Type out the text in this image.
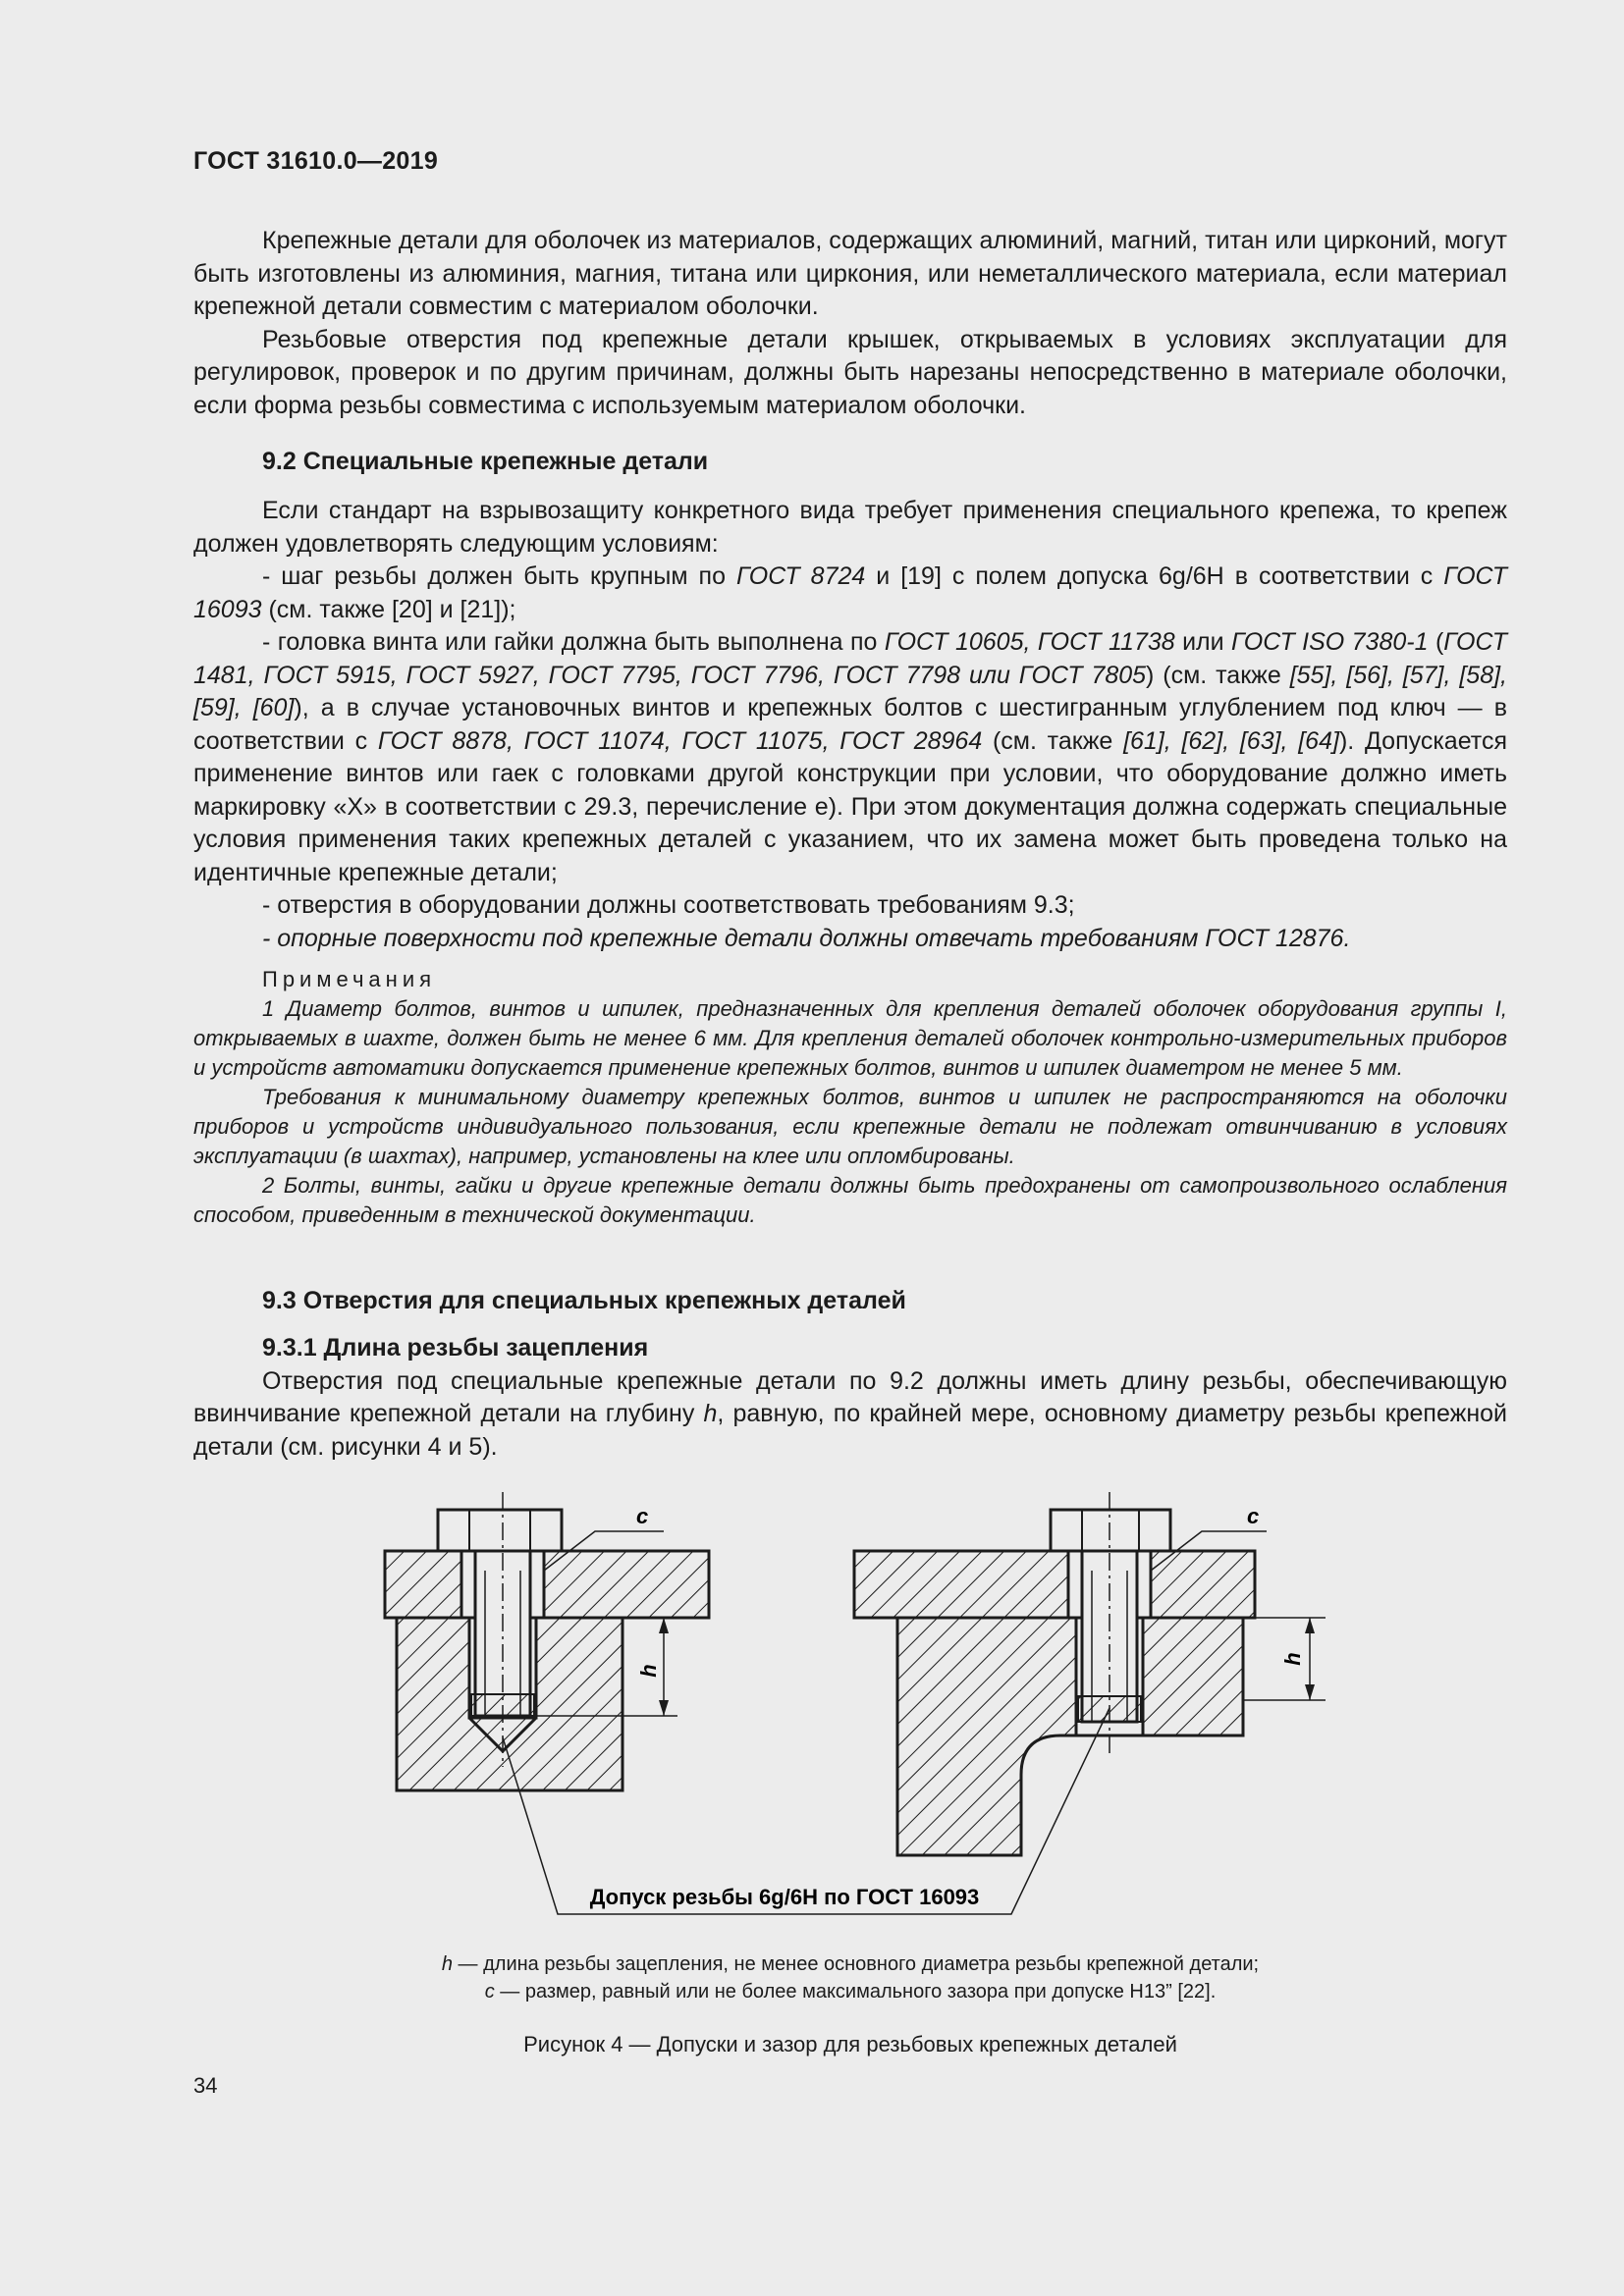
ГОСТ 31610.0—2019

Крепежные детали для оболочек из материалов, содержащих алюминий, магний, титан или цирконий, могут быть изготовлены из алюминия, магния, титана или циркония, или неметаллического материала, если материал крепежной детали совместим с материалом оболочки.

Резьбовые отверстия под крепежные детали крышек, открываемых в условиях эксплуатации для регулировок, проверок и по другим причинам, должны быть нарезаны непосредственно в материале оболочки, если форма резьбы совместима с используемым материалом оболочки.

9.2 Специальные крепежные детали

Если стандарт на взрывозащиту конкретного вида требует применения специального крепежа, то крепеж должен удовлетворять следующим условиям:

- шаг резьбы должен быть крупным по ГОСТ 8724 и [19] с полем допуска 6g/6H в соответствии с ГОСТ 16093 (см. также [20] и [21]);

- головка винта или гайки должна быть выполнена по ГОСТ 10605, ГОСТ 11738 или ГОСТ ISO 7380-1 (ГОСТ 1481, ГОСТ 5915, ГОСТ 5927, ГОСТ 7795, ГОСТ 7796, ГОСТ 7798 или ГОСТ 7805) (см. также [55], [56], [57], [58], [59], [60]), а в случае установочных винтов и крепежных болтов с шестигранным углублением под ключ — в соответствии с ГОСТ 8878, ГОСТ 11074, ГОСТ 11075, ГОСТ 28964 (см. также [61], [62], [63], [64]). Допускается применение винтов или гаек с головками другой конструкции при условии, что оборудование должно иметь маркировку «X» в соответствии с 29.3, перечисление е). При этом документация должна содержать специальные условия применения таких крепежных деталей с указанием, что их замена может быть проведена только на идентичные крепежные детали;

- отверстия в оборудовании должны соответствовать требованиям 9.3;

- опорные поверхности под крепежные детали должны отвечать требованиям ГОСТ 12876.

Примечания

1 Диаметр болтов, винтов и шпилек, предназначенных для крепления деталей оболочек оборудования группы I, открываемых в шахте, должен быть не менее 6 мм. Для крепления деталей оболочек контрольно-измерительных приборов и устройств автоматики допускается применение крепежных болтов, винтов и шпилек диаметром не менее 5 мм.

Требования к минимальному диаметру крепежных болтов, винтов и шпилек не распространяются на оболочки приборов и устройств индивидуального пользования, если крепежные детали не подлежат отвинчиванию в условиях эксплуатации (в шахтах), например, установлены на клее или опломбированы.

2 Болты, винты, гайки и другие крепежные детали должны быть предохранены от самопроизвольного ослабления способом, приведенным в технической документации.

9.3 Отверстия для специальных крепежных деталей

9.3.1 Длина резьбы зацепления

Отверстия под специальные крепежные детали по 9.2 должны иметь длину резьбы, обеспечивающую ввинчивание крепежной детали на глубину h, равную, по крайней мере, основному диаметру резьбы крепежной детали (см. рисунки 4 и 5).

h
c
h
c
Допуск резьбы 6g/6H по ГОСТ 16093
h — длина резьбы зацепления, не менее основного диаметра резьбы крепежной детали;
c — размер, равный или не более максимального зазора при допуске H13” [22].
Рисунок 4 — Допуски и зазор для резьбовых крепежных деталей
34
